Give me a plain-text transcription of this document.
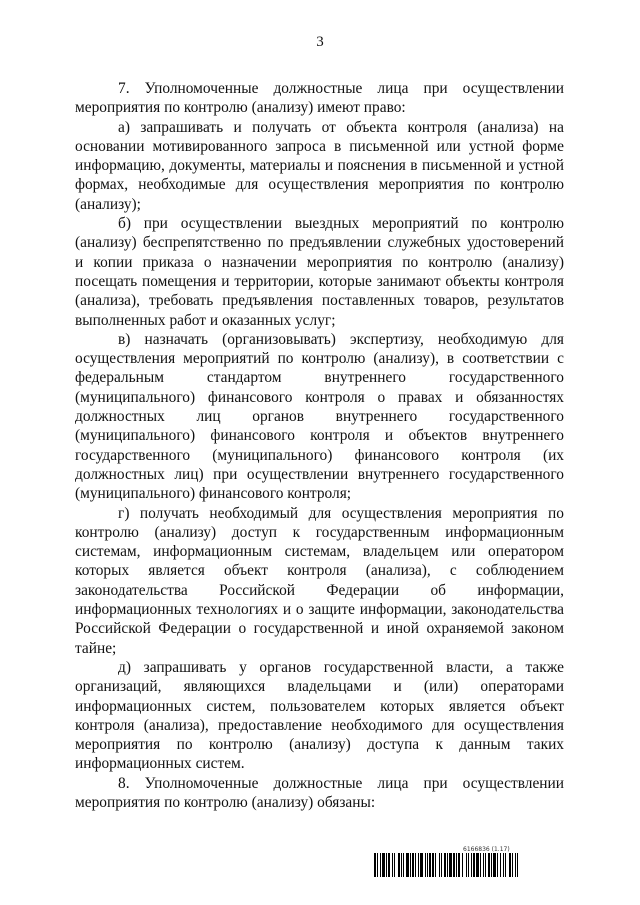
3

7. Уполномоченные должностные лица при осуществлении мероприятия по контролю (анализу) имеют право:

а) запрашивать и получать от объекта контроля (анализа) на основании мотивированного запроса в письменной или устной форме информацию, документы, материалы и пояснения в письменной и устной формах, необходимые для осуществления мероприятия по контролю (анализу);

б) при осуществлении выездных мероприятий по контролю (анализу) беспрепятственно по предъявлении служебных удостоверений и копии приказа о назначении мероприятия по контролю (анализу) посещать помещения и территории, которые занимают объекты контроля (анализа), требовать предъявления поставленных товаров, результатов выполненных работ и оказанных услуг;

в) назначать (организовывать) экспертизу, необходимую для осуществления мероприятий по контролю (анализу), в соответствии с федеральным стандартом внутреннего государственного (муниципального) финансового контроля о правах и обязанностях должностных лиц органов внутреннего государственного (муниципального) финансового контроля и объектов внутреннего государственного (муниципального) финансового контроля (их должностных лиц) при осуществлении внутреннего государственного (муниципального) финансового контроля;

г) получать необходимый для осуществления мероприятия по контролю (анализу) доступ к государственным информационным системам, информационным системам, владельцем или оператором которых является объект контроля (анализа), с соблюдением законодательства Российской Федерации об информации, информационных технологиях и о защите информации, законодательства Российской Федерации о государственной и иной охраняемой законом тайне;

д) запрашивать у органов государственной власти, а также организаций, являющихся владельцами и (или) операторами информационных систем, пользователем которых является объект контроля (анализа), предоставление необходимого для осуществления мероприятия по контролю (анализу) доступа к данным таких информационных систем.

8. Уполномоченные должностные лица при осуществлении мероприятия по контролю (анализу) обязаны:

6166836 (1.17)
